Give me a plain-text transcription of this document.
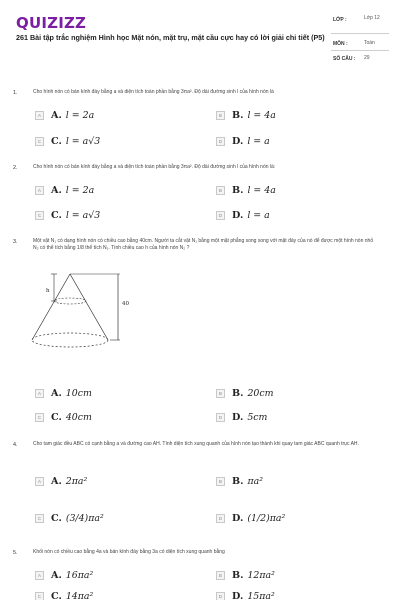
QUIZIZZ
261 Bài tập trắc nghiệm Hình học Mặt nón, mặt trụ, mặt cầu cực hay có lời giải chi tiết (P5)
LỚP :	Lớp 12
MÔN :	Toán
SỐ CÂU : 29
1.	Cho hình nón có bán kính đáy bằng a và diện tích toàn phần bằng 3πa². Độ dài đường sinh l của hình nón là
A	A. l = 2a	B	B. l = 4a
C	C. l = a√3	D	D. l = a
2.	Cho hình nón có bán kính đáy bằng a và diện tích toàn phần bằng 3πa². Độ dài đường sinh l của hình nón là:
A	A. l = 2a	B	B. l = 4a
C	C. l = a√3	D	D. l = a
3.	Một vật N₁ có dạng hình nón có chiều cao bằng 40cm. Người ta cắt vật N₁ bằng một mặt phẳng song song với mặt đáy của nó để được một hình nón nhỏ N₂ có thể tích bằng 1/8 thể tích N₁. Tính chiều cao h của hình nón N₂ ?
h
40
A	A. 10cm	B	B. 20cm
C	C. 40cm	D	D. 5cm
4.	Cho tam giác đều ABC có cạnh bằng a và đường cao AH. Tính diện tích xung quanh của hình nón tạo thành khi quay tam giác ABC quanh trục AH.
A	A. 2πa²	B	B. πa²
C	C. (3/4)πa²	D	D. (1/2)πa²
5.	Khối nón có chiều cao bằng 4a và bán kính đáy bằng 3a có diện tích xung quanh bằng
A	A. 16πa²	B	B. 12πa²
C	C. 14πa²	D	D. 15πa²
